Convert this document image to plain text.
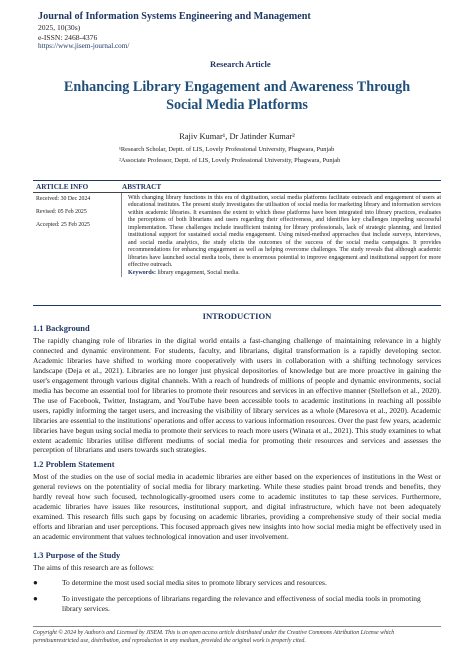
Journal of Information Systems Engineering and Management
2025, 10(30s)
e-ISSN: 2468-4376
https://www.jisem-journal.com/
Research Article
Enhancing Library Engagement and Awareness Through
Social Media Platforms
Rajiv Kumar¹, Dr Jatinder Kumar²
¹Research Scholar, Deptt. of LIS, Lovely Professional University, Phagwara, Punjab
²Associate Professor, Deptt. of LIS, Lovely Professional University, Phagwara, Punjab
ARTICLE INFO	ABSTRACT
Received: 30 Dec 2024
Revised: 05 Feb 2025
Accepted: 25 Feb 2025
With changing library functions in this era of digitisation, social media platforms facilitate outreach and engagement of users at educational institutes. The present study investigates the utilisation of social media for marketing library and information services within academic libraries. It examines the extent to which these platforms have been integrated into library practices, evaluates the perceptions of both librarians and users regarding their effectiveness, and identifies key challenges impeding successful implementation. These challenges include insufficient training for library professionals, lack of strategic planning, and limited institutional support for sustained social media engagement. Using mixed-method approaches that include surveys, interviews, and social media analytics, the study elicits the outcomes of the success of the social media campaigns. It provides recommendations for enhancing engagement as well as helping overcome challenges. The study reveals that although academic libraries have launched social media tools, there is enormous potential to improve engagement and institutional support for more effective outreach.
Keywords: library engagement, Social media.
INTRODUCTION
1.1 Background
The rapidly changing role of libraries in the digital world entails a fast-changing challenge of maintaining relevance in a highly connected and dynamic environment. For students, faculty, and librarians, digital transformation is a rapidly developing sector. Academic libraries have shifted to working more cooperatively with users in collaboration with a shifting technology services landscape (Deja et al., 2021). Libraries are no longer just physical depositories of knowledge but are more proactive in gaining the user's engagement through various digital channels. With a reach of hundreds of millions of people and dynamic environments, social media has become an essential tool for libraries to promote their resources and services in an effective manner (Stellefson et al., 2020). The use of Facebook, Twitter, Instagram, and YouTube have been accessible tools to academic institutions in reaching all possible users, rapidly informing the target users, and increasing the visibility of library services as a whole (Maresova et al., 2020). Academic libraries are essential to the institutions' operations and offer access to various information resources. Over the past few years, academic libraries have begun using social media to promote their services to reach more users (Winata et al., 2021). This study examines to what extent academic libraries utilise different mediums of social media for promoting their resources and services and assesses the perception of librarians and users towards such strategies.
1.2 Problem Statement
Most of the studies on the use of social media in academic libraries are either based on the experiences of institutions in the West or general reviews on the potentiality of social media for library marketing. While these studies paint broad trends and benefits, they hardly reveal how such focused, technologically-groomed users come to academic institutes to tap these services. Furthermore, academic libraries have issues like resources, institutional support, and digital infrastructure, which have not been adequately examined. This research fills such gaps by focusing on academic libraries, providing a comprehensive study of their social media efforts and librarian and user perceptions. This focused approach gives new insights into how social media might be effectively used in an academic environment that values technological innovation and user involvement.
1.3 Purpose of the Study
The aims of this research are as follows:
●	To determine the most used social media sites to promote library services and resources.
●	To investigate the perceptions of librarians regarding the relevance and effectiveness of social media tools in promoting library services.
Copyright © 2024 by Author/s and Licensed by JISEM. This is an open access article distributed under the Creative Commons Attribution License which permitsunrestricted use, distribution, and reproduction in any medium, provided the original work is properly cited.
